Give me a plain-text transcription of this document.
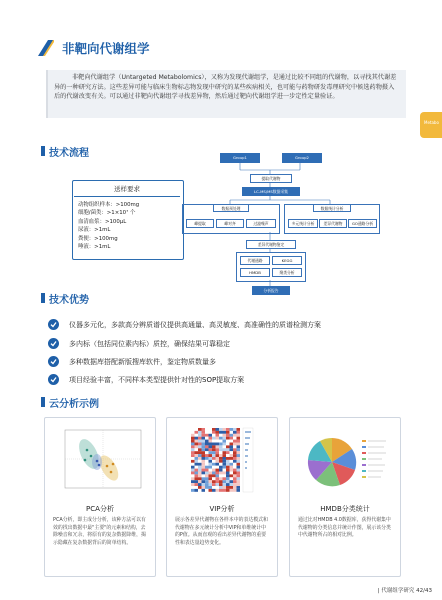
非靶向代谢组学
非靶向代谢组学（Untargeted Metabolomics），又称为发现代谢组学，是通过比较不同组的代谢物，以寻找其代谢差异的一种研究方法。这些差异可能与临床生物标志物发现中研究的某些疾病相关，也可能与药物研发毒理研究中候选药物摄入后的代谢改变有关。可以通过非靶向代谢组学寻找差异物，然后通过靶向代谢组学进一步定性定量验证。
Metabo
技术流程
送样要求
动物组织样本：>100mg
细胞/菌类：>1×10⁷ 个
血清血浆：>100μL
尿液：>1mL
粪便：>100mg
唾液：>1mL
Group1	Group2
提取代谢物
LC-MS/MS数据采集
数据预处理
峰提取	峰对齐	过滤噪声
数据统计分析
多元统计分析	差异代谢物	GO通路分析
差异代谢物鉴定
代谢通路	KEGG
HMDB	聚类分析
分析报告
技术优势
仪器多元化，多款高分辨质谱仪提供高通量、高灵敏度、高准确性的质谱检测方案
多内标（包括同位素内标）质控，确保结果可靠稳定
多种数据库搭配新版搜库软件，鉴定物质数量多
项目经验丰富，不同样本类型提供针对性的SOP提取方案
云分析示例
PCA分析
PCA分析，即主成分分析，该种方法可以有效的找出数据中最"主要"的元素和结构，去除噪音和冗余，将原有的复杂数据降维，揭示隐藏在复杂数据背后的简单结构。
VIP分析
展示各差异代谢物在各样本中的表达模式和代谢物在多元统计分析中VIP和单维统计中的P值。从而直观的看出差异代谢物的重要性和表达量趋势变化。
HMDB分类统计
通过比对HMDB 4.0数据库，获得代谢集中代谢物的分类信息并统计作图，展示该分类中代谢物所占的相对比例。
| 代谢组学研究 42/43
